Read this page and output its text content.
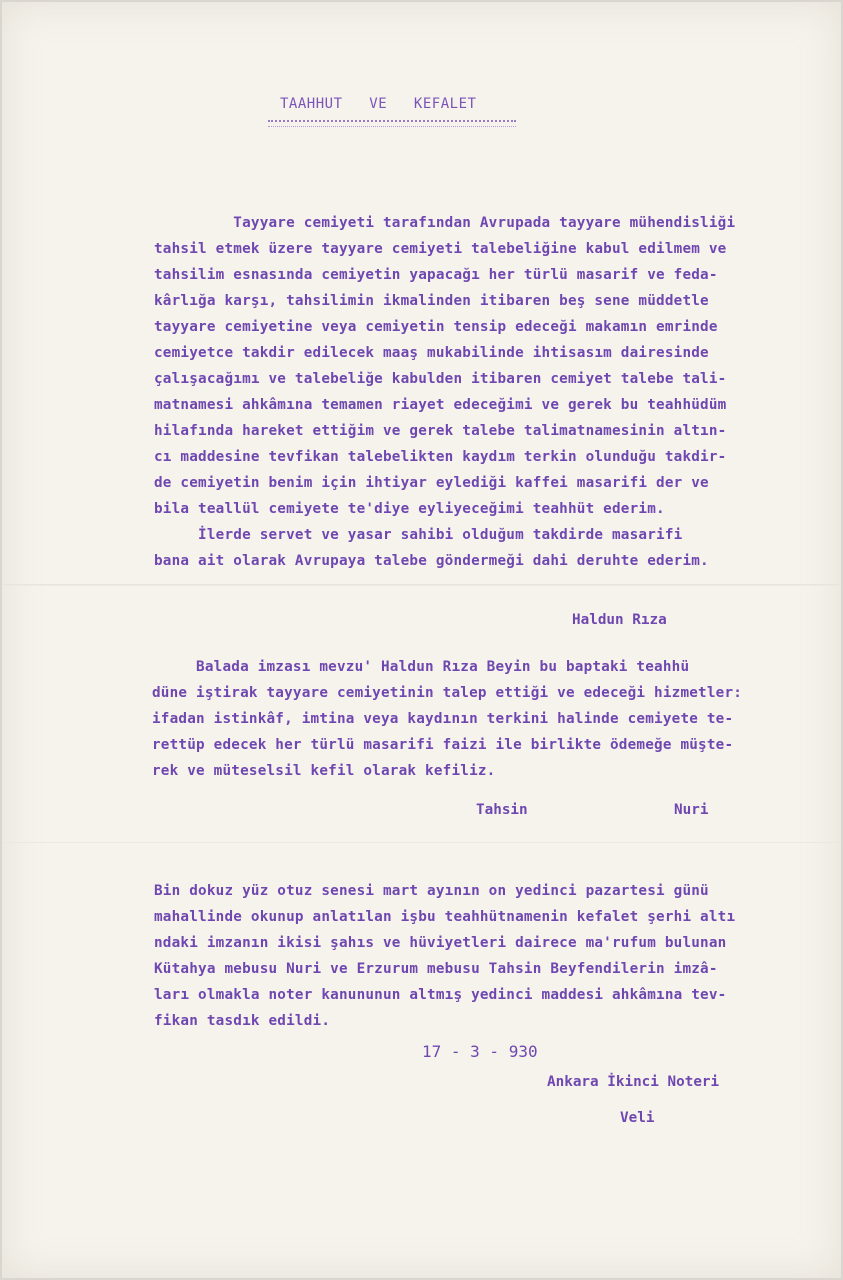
TAAHHUT   VE   KEFALET
Tayyare cemiyeti tarafından Avrupada tayyare mühendisliği
tahsil etmek üzere tayyare cemiyeti talebeliğine kabul edilmem ve
tahsilim esnasında cemiyetin yapacağı her türlü masarif ve feda-
kârlığa karşı, tahsilimin ikmalinden itibaren beş sene müddetle
tayyare cemiyetine veya cemiyetin tensip edeceği makamın emrinde
cemiyetce takdir edilecek maaş mukabilinde ihtisasım dairesinde
çalışacağımı ve talebeliğe kabulden itibaren cemiyet talebe tali-
matnamesi ahkâmına temamen riayet edeceğimi ve gerek bu teahhüdüm
hilafında hareket ettiğim ve gerek talebe talimatnamesinin altın-
cı maddesine tevfikan talebelikten kaydım terkin olunduğu takdir-
de cemiyetin benim için ihtiyar eylediği kaffei masarifi der ve
bila teallül cemiyete te'diye eyliyeceğimi teahhüt ederim.
İlerde servet ve yasar sahibi olduğum takdirde masarifi
bana ait olarak Avrupaya talebe göndermeği dahi deruhte ederim.
Haldun Rıza
Balada imzası mevzu' Haldun Rıza Beyin bu baptaki teahhü
düne iştirak tayyare cemiyetinin talep ettiği ve edeceği hizmetler:
ifadan istinkâf, imtina veya kaydının terkini halinde cemiyete te-
rettüp edecek her türlü masarifi faizi ile birlikte ödemeğe müşte-
rek ve müteselsil kefil olarak kefiliz.
Tahsin	Nuri
Bin dokuz yüz otuz senesi mart ayının on yedinci pazartesi günü
mahallinde okunup anlatılan işbu teahhütnamenin kefalet şerhi altı
ndaki imzanın ikisi şahıs ve hüviyetleri dairece ma'rufum bulunan
Kütahya mebusu Nuri ve Erzurum mebusu Tahsin Beyfendilerin imzâ-
ları olmakla noter kanununun altmış yedinci maddesi ahkâmına tev-
fikan tasdık edildi.
17 - 3 - 930
Ankara İkinci Noteri
Veli
